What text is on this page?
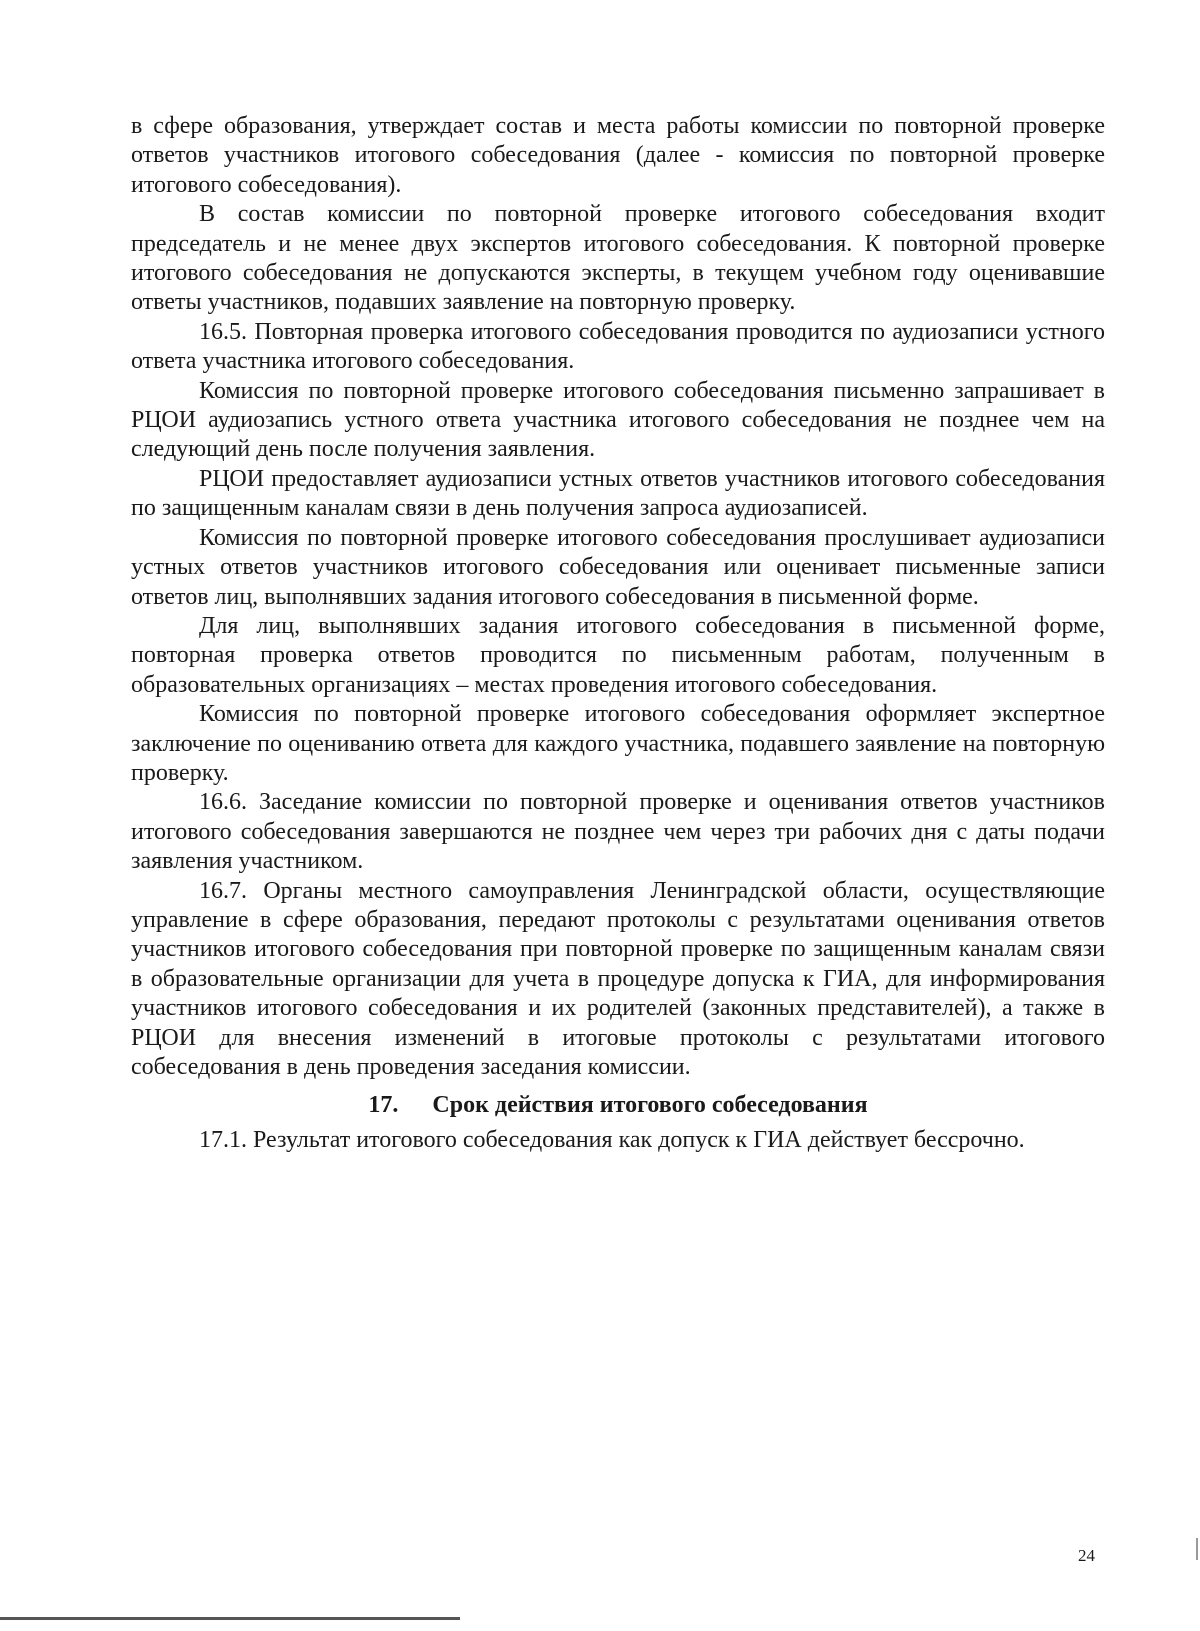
в сфере образования, утверждает состав и места работы комиссии по повторной проверке ответов участников итогового собеседования (далее - комиссия по повторной проверке итогового собеседования).

В состав комиссии по повторной проверке итогового собеседования входит председатель и не менее двух экспертов итогового собеседования. К повторной проверке итогового собеседования не допускаются эксперты, в текущем учебном году оценивавшие ответы участников, подавших заявление на повторную проверку.

16.5. Повторная проверка итогового собеседования проводится по аудиозаписи устного ответа участника итогового собеседования.

Комиссия по повторной проверке итогового собеседования письменно запрашивает в РЦОИ аудиозапись устного ответа участника итогового собеседования не позднее чем на следующий день после получения заявления.

РЦОИ предоставляет аудиозаписи устных ответов участников итогового собеседования по защищенным каналам связи в день получения запроса аудиозаписей.

Комиссия по повторной проверке итогового собеседования прослушивает аудиозаписи устных ответов участников итогового собеседования или оценивает письменные записи ответов лиц, выполнявших задания итогового собеседования в письменной форме.

Для лиц, выполнявших задания итогового собеседования в письменной форме, повторная проверка ответов проводится по письменным работам, полученным в образовательных организациях – местах проведения итогового собеседования.

Комиссия по повторной проверке итогового собеседования оформляет экспертное заключение по оцениванию ответа для каждого участника, подавшего заявление на повторную проверку.

16.6. Заседание комиссии по повторной проверке и оценивания ответов участников итогового собеседования завершаются не позднее чем через три рабочих дня с даты подачи заявления участником.

16.7. Органы местного самоуправления Ленинградской области, осуществляющие управление в сфере образования, передают протоколы с результатами оценивания ответов участников итогового собеседования при повторной проверке по защищенным каналам связи в образовательные организации для учета в процедуре допуска к ГИА, для информирования участников итогового собеседования и их родителей (законных представителей), а также в РЦОИ для внесения изменений в итоговые протоколы с результатами итогового собеседования в день проведения заседания комиссии.

17. Срок действия итогового собеседования

17.1. Результат итогового собеседования как допуск к ГИА действует бессрочно.

24
